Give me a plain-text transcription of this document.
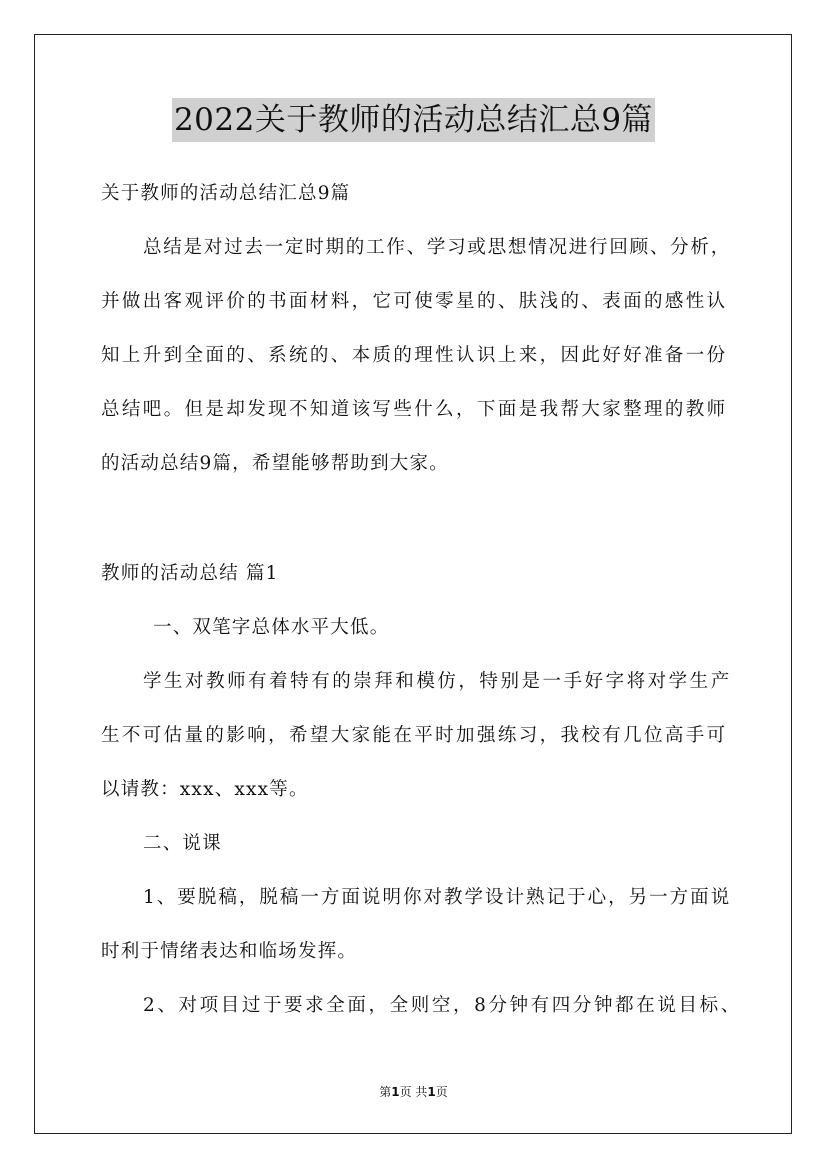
2022关于教师的活动总结汇总9篇
关于教师的活动总结汇总9篇
总结是对过去一定时期的工作、学习或思想情况进行回顾、分析，
并做出客观评价的书面材料，它可使零星的、肤浅的、表面的感性认
知上升到全面的、系统的、本质的理性认识上来，因此好好准备一份
总结吧。但是却发现不知道该写些什么，下面是我帮大家整理的教师
的活动总结9篇，希望能够帮助到大家。
教师的活动总结 篇1
一、双笔字总体水平大低。
学生对教师有着特有的崇拜和模仿，特别是一手好字将对学生产
生不可估量的影响，希望大家能在平时加强练习，我校有几位高手可
以请教：xxx、xxx等。
二、说课
1、要脱稿，脱稿一方面说明你对教学设计熟记于心，另一方面说
时利于情绪表达和临场发挥。
2、对项目过于要求全面，全则空，8分钟有四分钟都在说目标、
第1页 共1页
